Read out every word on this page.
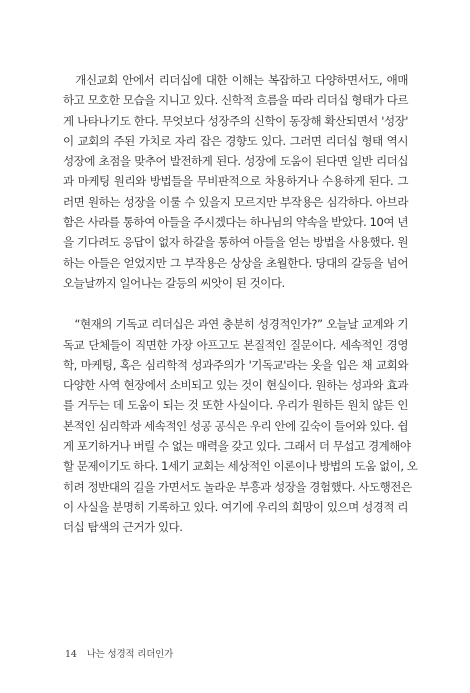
　개신교회 안에서 리더십에 대한 이해는 복잡하고 다양하면서도, 애매
하고 모호한 모습을 지니고 있다. 신학적 흐름을 따라 리더십 형태가 다르
게 나타나기도 한다. 무엇보다 성장주의 신학이 동장해 확산되면서 '성장'
이 교회의 주된 가치로 자리 잡은 경향도 있다. 그러면 리더십 형태 역시
성장에 초점을 맞추어 발전하게 된다. 성장에 도움이 된다면 일반 리더십
과 마케팅 원리와 방법들을 무비판적으로 차용하거나 수용하게 된다. 그
러면 원하는 성장을 이룰 수 있을지 모르지만 부작용은 심각하다. 아브라
함은 사라를 통하여 아들을 주시겠다는 하나님의 약속을 받았다. 10여 년
을 기다려도 응답이 없자 하갈을 통하여 아들을 얻는 방법을 사용했다. 원
하는 아들은 얻었지만 그 부작용은 상상을 초월한다. 당대의 갈등을 넘어
오늘날까지 일어나는 갈등의 씨앗이 된 것이다.

　“현재의 기독교 리더십은 과연 충분히 성경적인가?” 오늘날 교계와 기
독교 단체들이 직면한 가장 아프고도 본질적인 질문이다. 세속적인 경영
학, 마케팅, 혹은 심리학적 성과주의가 '기독교'라는 옷을 입은 채 교회와
다양한 사역 현장에서 소비되고 있는 것이 현실이다. 원하는 성과와 효과
를 거두는 데 도움이 되는 것 또한 사실이다. 우리가 원하든 원치 않든 인
본적인 심리학과 세속적인 성공 공식은 우리 안에 깊숙이 들어와 있다. 쉽
게 포기하거나 버릴 수 없는 매력을 갖고 있다. 그래서 더 무섭고 경계해야
할 문제이기도 하다. 1세기 교회는 세상적인 이론이나 방법의 도움 없이, 오
히려 정반대의 길을 가면서도 놀라운 부흥과 성장을 경험했다. 사도행전은
이 사실을 분명히 기록하고 있다. 여기에 우리의 희망이 있으며 성경적 리
더십 탐색의 근거가 있다.

14 나는 성경적 리더인가
